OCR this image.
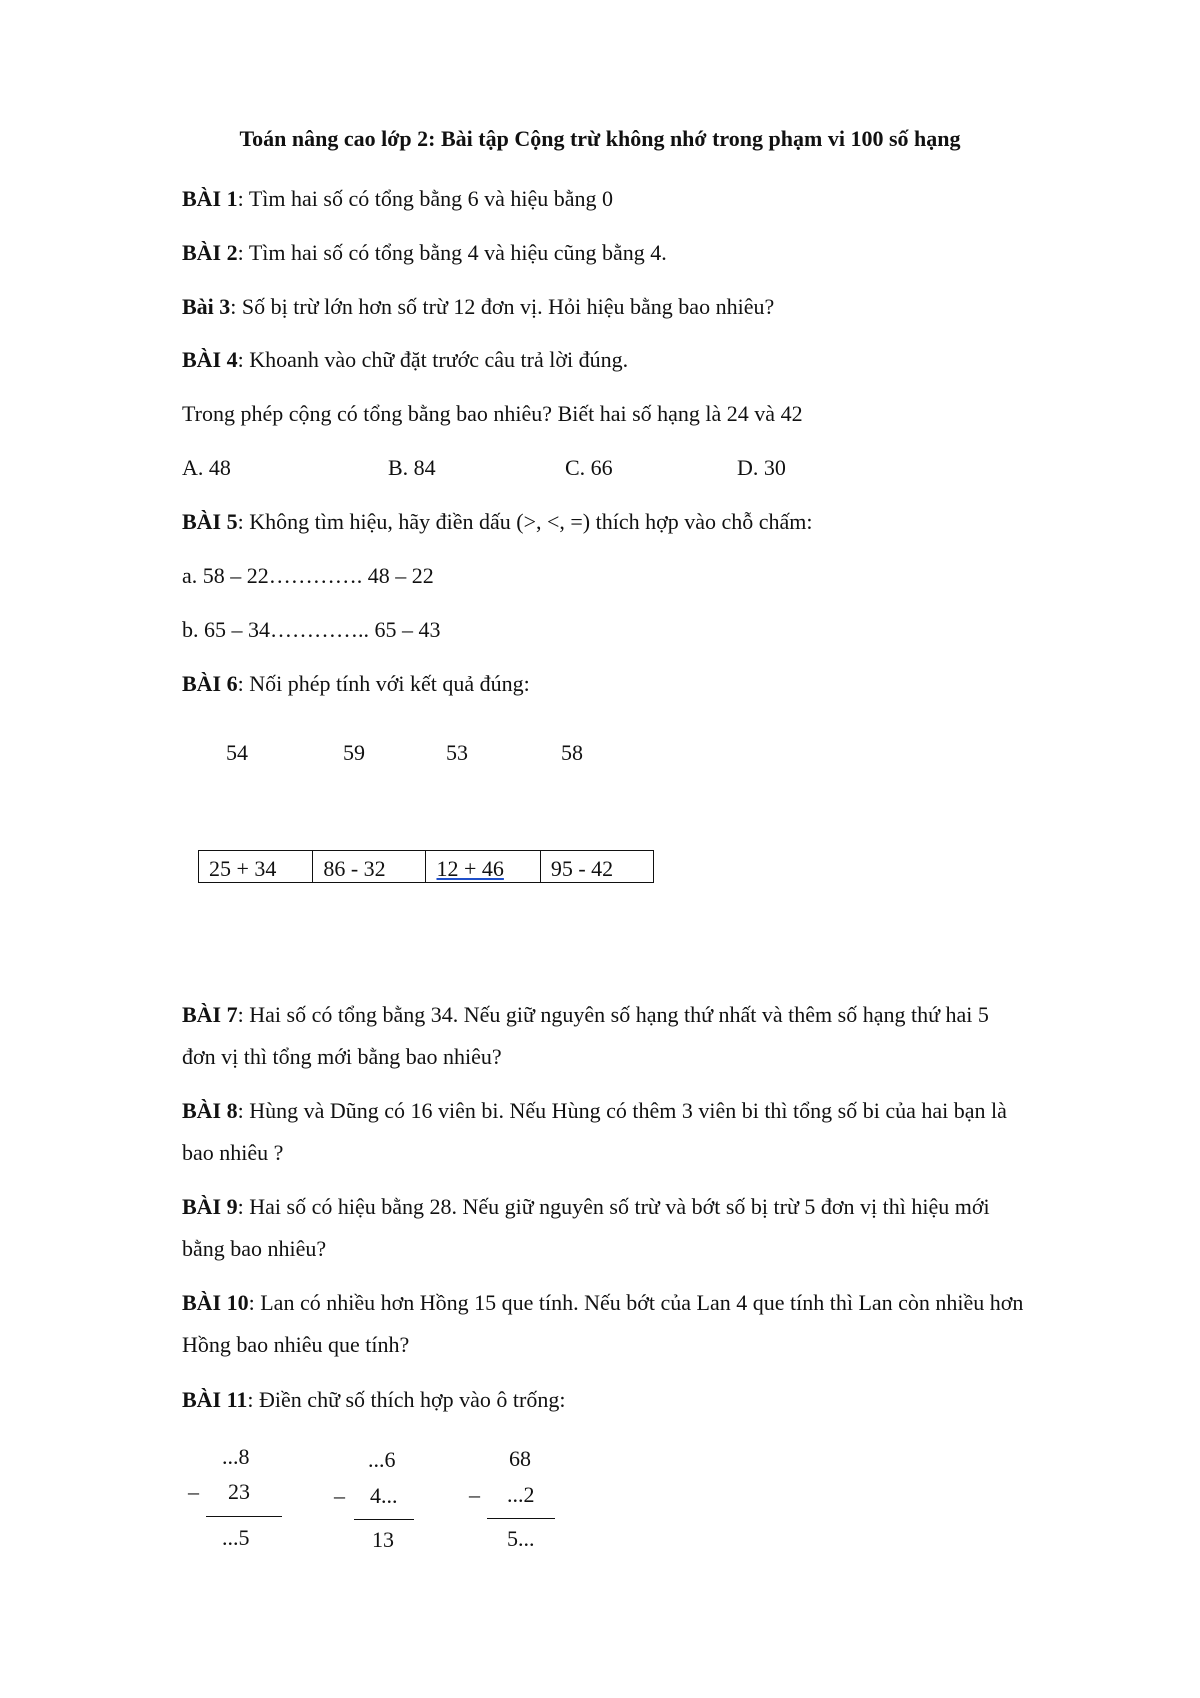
Toán nâng cao lớp 2: Bài tập Cộng trừ không nhớ trong phạm vi 100 số hạng
BÀI 1: Tìm hai số có tổng bằng 6 và hiệu bằng 0
BÀI 2: Tìm hai số có tổng bằng 4 và hiệu cũng bằng 4.
Bài 3: Số bị trừ lớn hơn số trừ 12 đơn vị. Hỏi hiệu bằng bao nhiêu?
BÀI 4: Khoanh vào chữ đặt trước câu trả lời đúng.
Trong phép cộng có tổng bằng bao nhiêu? Biết hai số hạng là 24 và 42
A. 48	B. 84	C. 66	D. 30
BÀI 5: Không tìm hiệu, hãy điền dấu (>, <, =) thích hợp vào chỗ chấm:
a. 58 – 22…………. 48 – 22
b. 65 – 34………….. 65 – 43
BÀI 6: Nối phép tính với kết quả đúng:
54	59	53	58
25 + 34	86 - 32	12 + 46	95 - 42
BÀI 7: Hai số có tổng bằng 34. Nếu giữ nguyên số hạng thứ nhất và thêm số hạng thứ hai 5 đơn vị thì tổng mới bằng bao nhiêu?
BÀI 8: Hùng và Dũng có 16 viên bi. Nếu Hùng có thêm 3 viên bi thì tổng số bi của hai bạn là bao nhiêu ?
BÀI 9: Hai số có hiệu bằng 28. Nếu giữ nguyên số trừ và bớt số bị trừ 5 đơn vị thì hiệu mới bằng bao nhiêu?
BÀI 10: Lan có nhiều hơn Hồng 15 que tính. Nếu bớt của Lan 4 que tính thì Lan còn nhiều hơn Hồng bao nhiêu que tính?
BÀI 11: Điền chữ số thích hợp vào ô trống:
...8
– 23
...5
...6
– 4...
13
68
– ...2
5...
